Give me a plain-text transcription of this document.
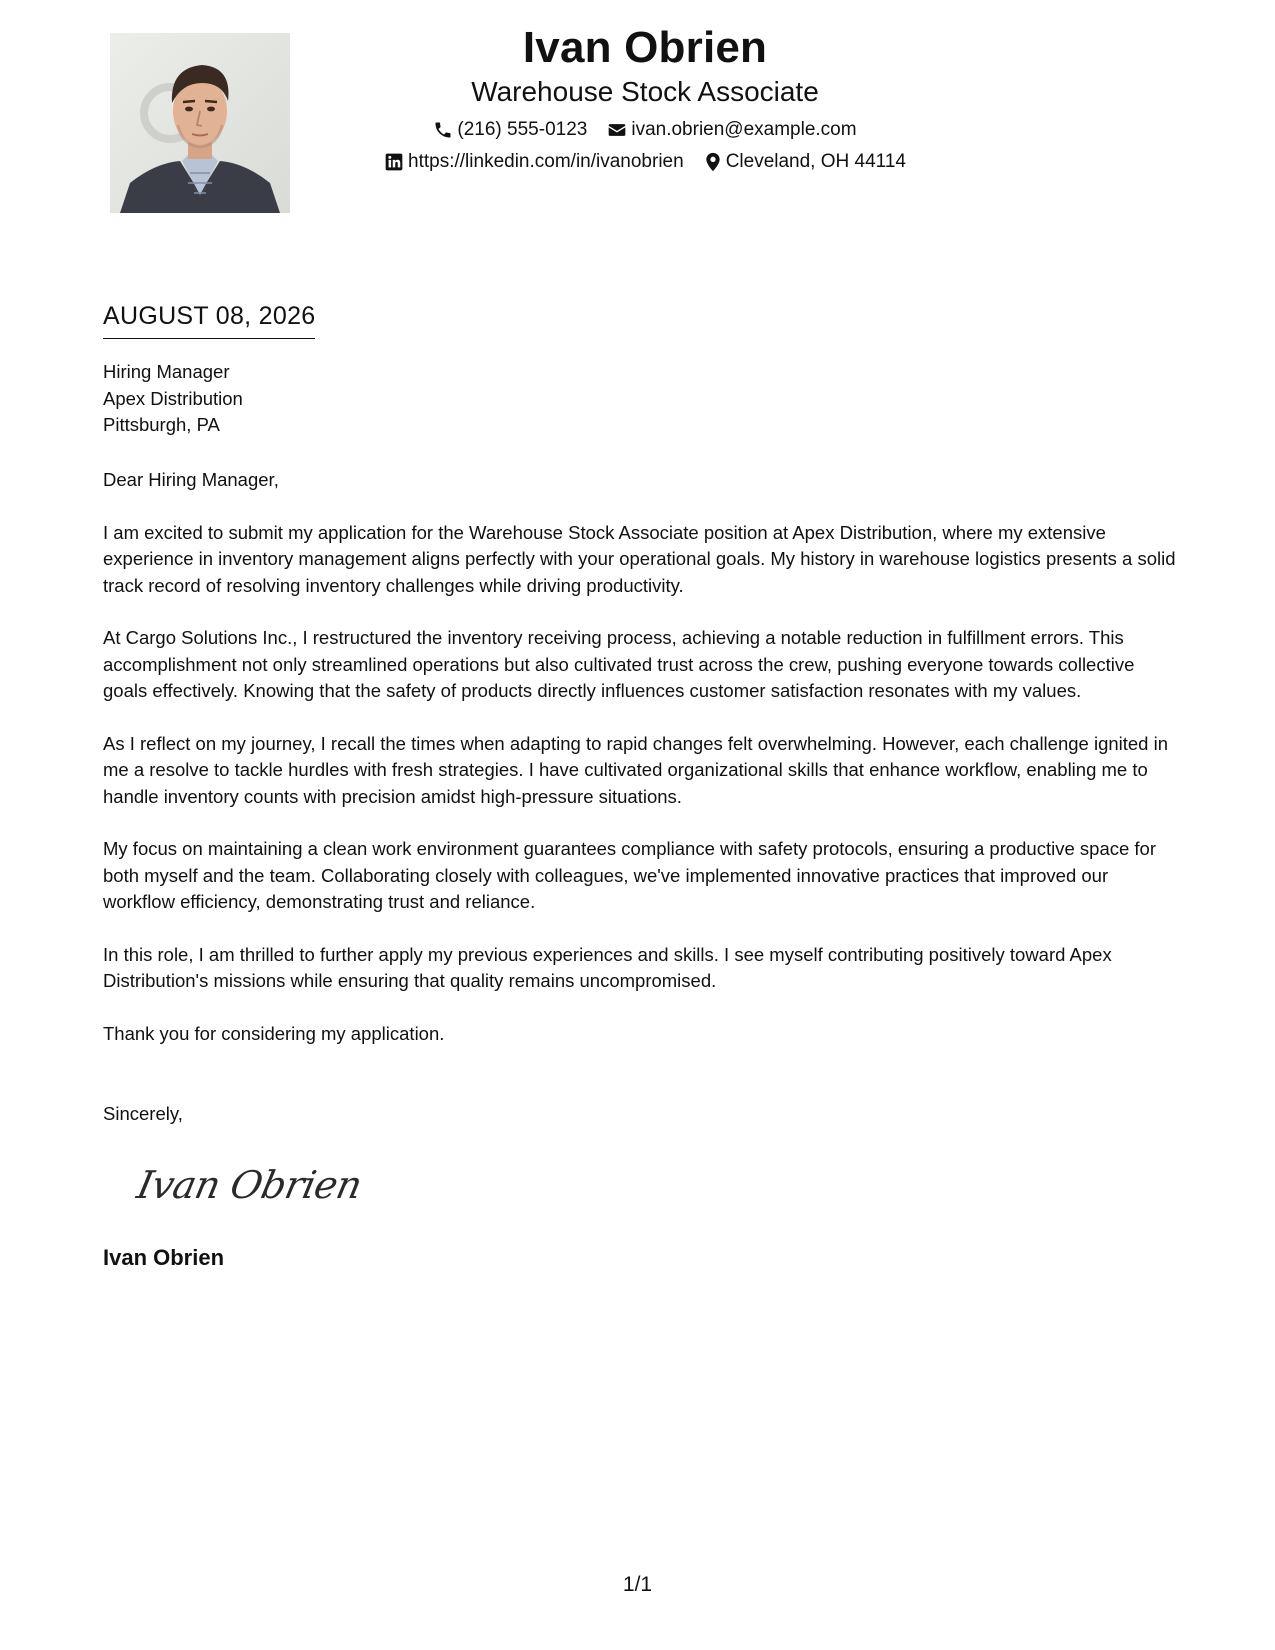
Ivan Obrien
Warehouse Stock Associate
(216) 555-0123 ivan.obrien@example.com
https://linkedin.com/in/ivanobrien Cleveland, OH 44114
AUGUST 08, 2026
Hiring Manager
Apex Distribution
Pittsburgh, PA

Dear Hiring Manager,

I am excited to submit my application for the Warehouse Stock Associate position at Apex Distribution, where my extensive experience in inventory management aligns perfectly with your operational goals. My history in warehouse logistics presents a solid track record of resolving inventory challenges while driving productivity.

At Cargo Solutions Inc., I restructured the inventory receiving process, achieving a notable reduction in fulfillment errors. This accomplishment not only streamlined operations but also cultivated trust across the crew, pushing everyone towards collective goals effectively. Knowing that the safety of products directly influences customer satisfaction resonates with my values.

As I reflect on my journey, I recall the times when adapting to rapid changes felt overwhelming. However, each challenge ignited in me a resolve to tackle hurdles with fresh strategies. I have cultivated organizational skills that enhance workflow, enabling me to handle inventory counts with precision amidst high-pressure situations.

My focus on maintaining a clean work environment guarantees compliance with safety protocols, ensuring a productive space for both myself and the team. Collaborating closely with colleagues, we've implemented innovative practices that improved our workflow efficiency, demonstrating trust and reliance.

In this role, I am thrilled to further apply my previous experiences and skills. I see myself contributing positively toward Apex Distribution's missions while ensuring that quality remains uncompromised.

Thank you for considering my application.

Sincerely,
Ivan Obrien
Ivan Obrien
1/1
